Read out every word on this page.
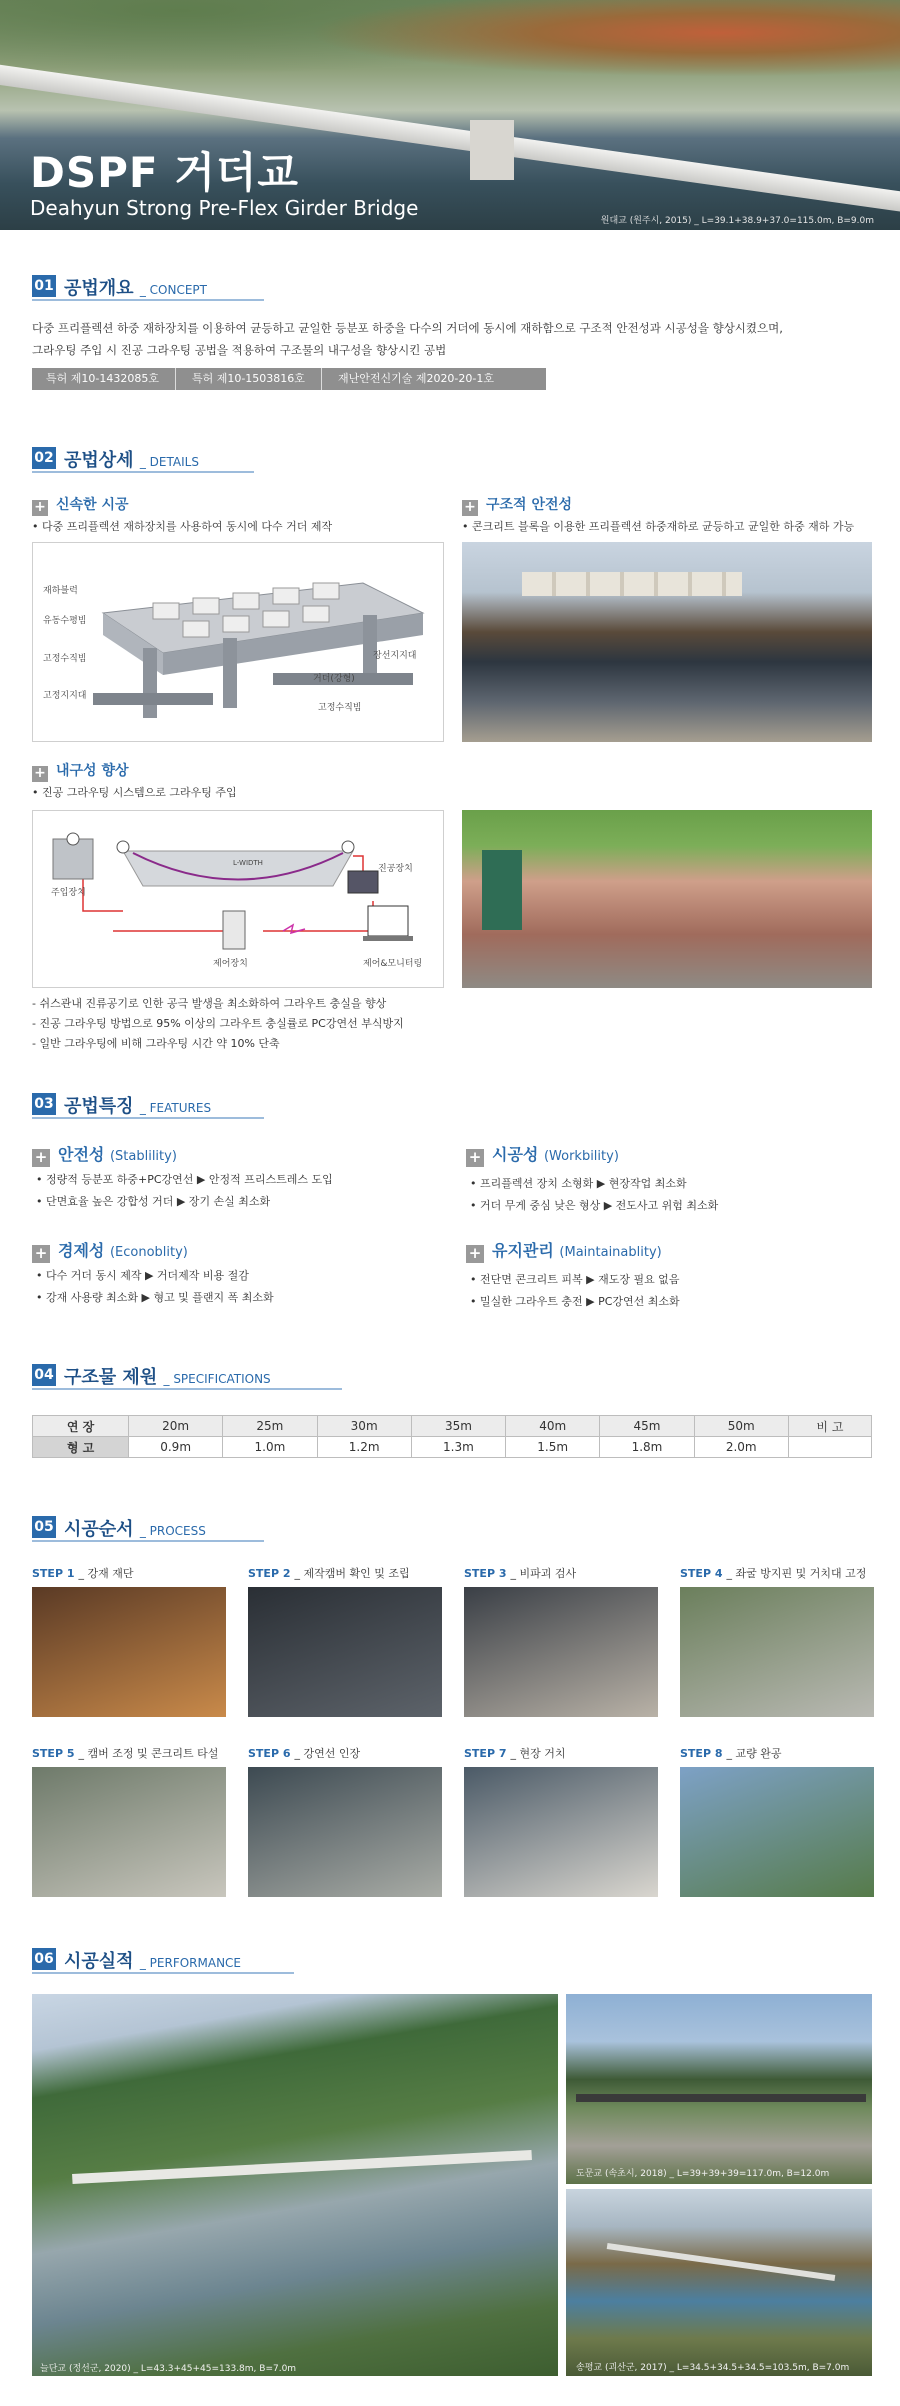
DSPF 거더교
Deahyun Strong Pre-Flex Girder Bridge
원대교 (원주시, 2015) _ L=39.1+38.9+37.0=115.0m, B=9.0m
01 공법개요 _ CONCEPT
다중 프리플렉션 하중 재하장치를 이용하여 균등하고 균일한 등분포 하중을 다수의 거더에 동시에 재하함으로 구조적 안전성과 시공성을 향상시켰으며,
그라우팅 주입 시 진공 그라우팅 공법을 적용하여 구조물의 내구성을 향상시킨 공법
특허 제10-1432085호	특허 제10-1503816호	재난안전신기술 제2020-20-1호
02 공법상세 _ DETAILS
+ 신속한 시공
• 다중 프리플렉션 재하장치를 사용하여 동시에 다수 거더 제작
재하블럭
유동수평빔
고정수직빔
고정지지대
장선지지대
거더(강형)
고정수직빔
+ 구조적 안전성
• 콘크리트 블록을 이용한 프리플렉션 하중재하로 균등하고 균일한 하중 재하 가능
+ 내구성 향상
• 진공 그라우팅 시스템으로 그라우팅 주입
주입장치
진공장치
제어장치	제어&모니터링
L-WIDTH
- 쉬스관내 진류공기로 인한 공극 발생을 최소화하여 그라우트 충실을 향상
- 진공 그라우팅 방법으로 95% 이상의 그라우트 충실률로 PC강연선 부식방지
- 일반 그라우팅에 비해 그라우팅 시간 약 10% 단축
03 공법특징 _ FEATURES
+ 안전성 (Stablility)
• 정량적 등분포 하중+PC강연선 ▶ 안정적 프리스트레스 도입
• 단면효율 높은 강합성 거더 ▶ 장기 손실 최소화
+ 시공성 (Workbility)
• 프리플렉션 장치 소형화 ▶ 현장작업 최소화
• 거더 무게 중심 낮은 형상 ▶ 전도사고 위험 최소화
+ 경제성 (Econoblity)
• 다수 거더 동시 제작 ▶ 거더제작 비용 절감
• 강재 사용량 최소화 ▶ 형고 및 플랜지 폭 최소화
+ 유지관리 (Maintainablity)
• 전단면 콘크리트 피복 ▶ 재도장 필요 없음
• 밀실한 그라우트 충전 ▶ PC강연선 최소화
04 구조물 제원 _ SPECIFICATIONS
연 장	20m	25m	30m	35m	40m	45m	50m	비 고
형 고	0.9m	1.0m	1.2m	1.3m	1.5m	1.8m	2.0m	
05 시공순서 _ PROCESS
STEP 1 _ 강재 재단	STEP 2 _ 제작캠버 확인 및 조립	STEP 3 _ 비파괴 검사	STEP 4 _ 좌굴 방지핀 및 거치대 고정
STEP 5 _ 캠버 조정 및 콘크리트 타설	STEP 6 _ 강연선 인장	STEP 7 _ 현장 거치	STEP 8 _ 교량 완공
06 시공실적 _ PERFORMANCE
늘단교 (정선군, 2020) _ L=43.3+45+45=133.8m, B=7.0m
도문교 (속초시, 2018) _ L=39+39+39=117.0m, B=12.0m
송평교 (괴산군, 2017) _ L=34.5+34.5+34.5=103.5m, B=7.0m
